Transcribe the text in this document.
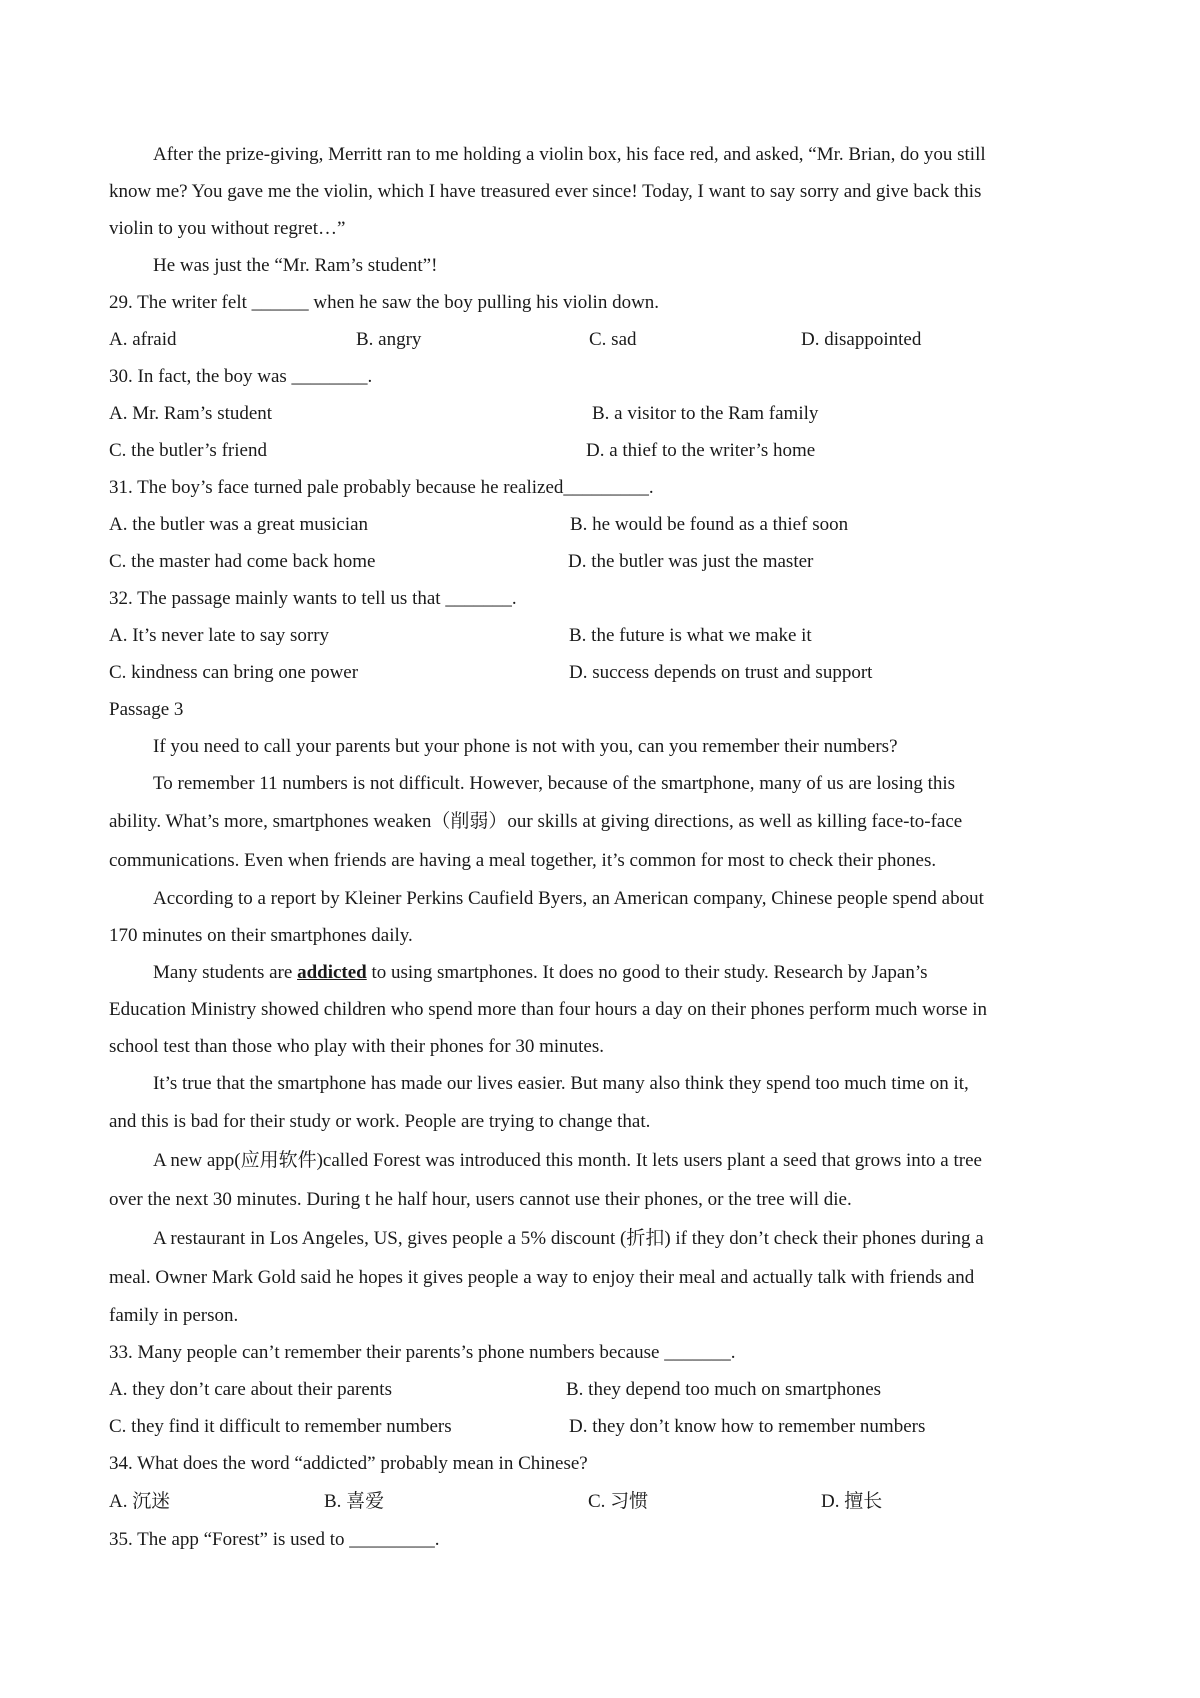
After the prize-giving, Merritt ran to me holding a violin box, his face red, and asked, “Mr. Brian, do you still
know me? You gave me the violin, which I have treasured ever since! Today, I want to say sorry and give back this
violin to you without regret…”
He was just the “Mr. Ram’s student”!
29. The writer felt ______ when he saw the boy pulling his violin down.
A. afraid	B. angry	C. sad	D. disappointed
30. In fact, the boy was ________.
A. Mr. Ram’s student	B. a visitor to the Ram family
C. the butler’s friend	D. a thief to the writer’s home
31. The boy’s face turned pale probably because he realized_________.
A. the butler was a great musician	B. he would be found as a thief soon
C. the master had come back home	D. the butler was just the master
32. The passage mainly wants to tell us that _______.
A. It’s never late to say sorry	B. the future is what we make it
C. kindness can bring one power	D. success depends on trust and support
Passage 3
If you need to call your parents but your phone is not with you, can you remember their numbers?
To remember 11 numbers is not difficult. However, because of the smartphone, many of us are losing this
ability. What’s more, smartphones weaken（削弱）our skills at giving directions, as well as killing face-to-face
communications. Even when friends are having a meal together, it’s common for most to check their phones.
According to a report by Kleiner Perkins Caufield Byers, an American company, Chinese people spend about
170 minutes on their smartphones daily.
Many students are addicted to using smartphones. It does no good to their study. Research by Japan’s
Education Ministry showed children who spend more than four hours a day on their phones perform much worse in
school test than those who play with their phones for 30 minutes.
It’s true that the smartphone has made our lives easier. But many also think they spend too much time on it,
and this is bad for their study or work. People are trying to change that.
A new app(应用软件)called Forest was introduced this month. It lets users plant a seed that grows into a tree
over the next 30 minutes. During t he half hour, users cannot use their phones, or the tree will die.
A restaurant in Los Angeles, US, gives people a 5% discount (折扣) if they don’t check their phones during a
meal. Owner Mark Gold said he hopes it gives people a way to enjoy their meal and actually talk with friends and
family in person.
33. Many people can’t remember their parents’s phone numbers because _______.
A. they don’t care about their parents	B. they depend too much on smartphones
C. they find it difficult to remember numbers	D. they don’t know how to remember numbers
34. What does the word “addicted” probably mean in Chinese?
A. 沉迷	B. 喜爱	C. 习惯	D. 擅长
35. The app “Forest” is used to _________.
